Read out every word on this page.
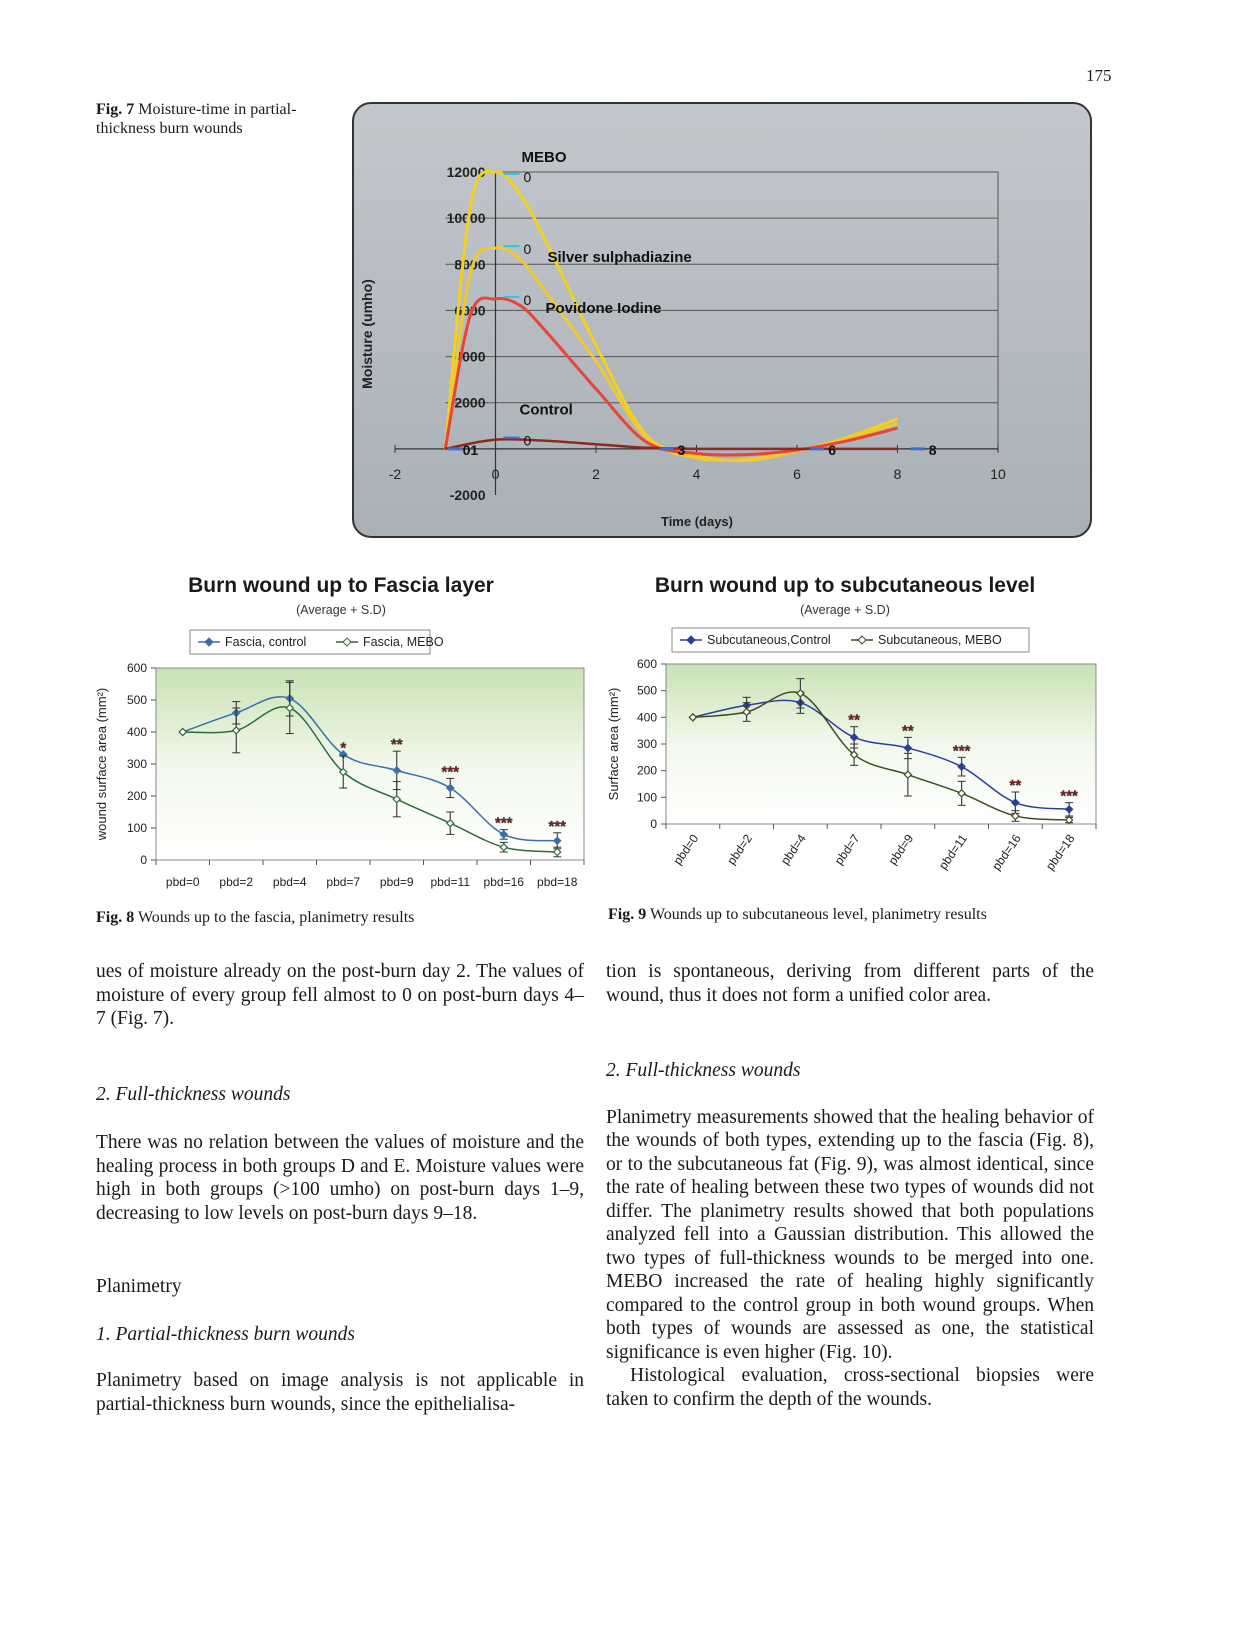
175
Fig. 7 Moisture-time in partial-thickness burn wounds
-2	0	2	4	6	8	10
-2000
2000
4000
6000
8000
10000
12000
MEBO
Silver sulphadiazine
Povidone Iodine
Control
0
0
0
0
01	3	6	8
Moisture (umho)
Time (days)
Burn wound up to Fascia layer
(Average + S.D)
0
100
200
300
400
500
600
pbd=0 pbd=2 pbd=4 pbd=7 pbd=9 pbd=11 pbd=16 pbd=18
wound surface area (mm²)
Fascia, control	Fascia, MEBO
*	**
***
*** ***
Fig. 8 Wounds up to the fascia, planimetry results
Burn wound up to subcutaneous level
(Average + S.D)
0
100
200
300
400
500
600
pbd=0 pbd=2 pbd=4 pbd=7 pbd=9 pbd=11 pbd=16 pbd=18
Surface area (mm²)
Subcutaneous,Control	Subcutaneous, MEBO
**
**
***
**
***
Fig. 9 Wounds up to subcutaneous level, planimetry results

ues of moisture already on the post-burn day 2. The values of moisture of every group fell almost to 0 on post-burn days 4–7 (Fig. 7).

2. Full-thickness wounds

There was no relation between the values of moisture and the healing process in both groups D and E. Moisture values were high in both groups (>100 umho) on post-burn days 1–9, decreasing to low levels on post-burn days 9–18.

Planimetry
1. Partial-thickness burn wounds

Planimetry based on image analysis is not applicable in partial-thickness burn wounds, since the epithelialisa-

tion is spontaneous, deriving from different parts of the wound, thus it does not form a unified color area.

2. Full-thickness wounds

Planimetry measurements showed that the healing behavior of the wounds of both types, extending up to the fascia (Fig. 8), or to the subcutaneous fat (Fig. 9), was almost identical, since the rate of healing between these two types of wounds did not differ. The planimetry results showed that both populations analyzed fell into a Gaussian distribution. This allowed the two types of full-thickness wounds to be merged into one. MEBO increased the rate of healing highly significantly compared to the control group in both wound groups. When both types of wounds are assessed as one, the statistical significance is even higher (Fig. 10).

Histological evaluation, cross-sectional biopsies were taken to confirm the depth of the wounds.
